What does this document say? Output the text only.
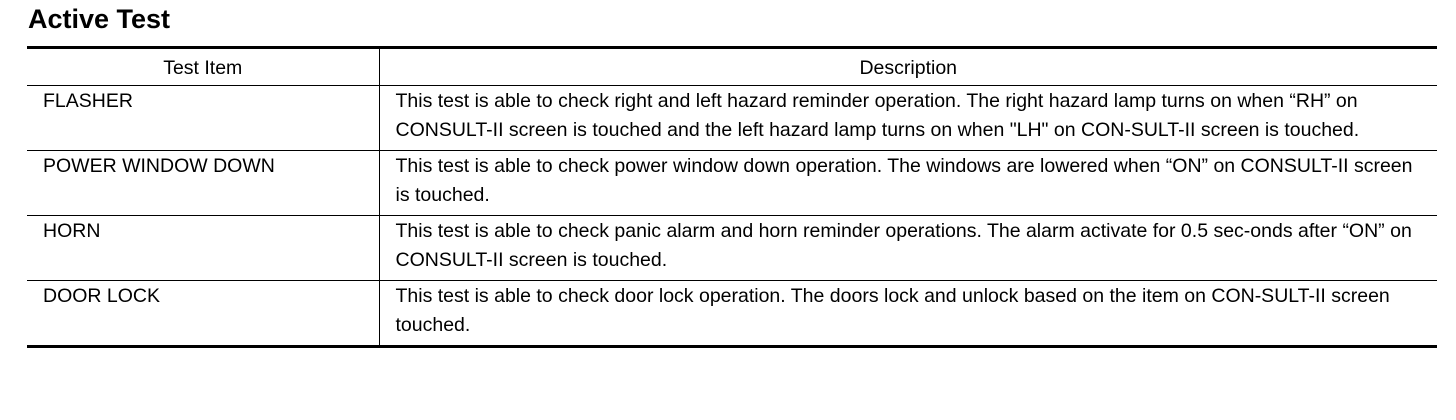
Active Test
Test Item	Description
FLASHER	This test is able to check right and left hazard reminder operation. The right hazard lamp turns on when “RH” on CONSULT-II screen is touched and the left hazard lamp turns on when "LH" on CON-SULT-II screen is touched.
POWER WINDOW DOWN	This test is able to check power window down operation. The windows are lowered when “ON” on CONSULT-II screen is touched.
HORN	This test is able to check panic alarm and horn reminder operations. The alarm activate for 0.5 sec-onds after “ON” on CONSULT-II screen is touched.
DOOR LOCK	This test is able to check door lock operation. The doors lock and unlock based on the item on CON-SULT-II screen touched.
